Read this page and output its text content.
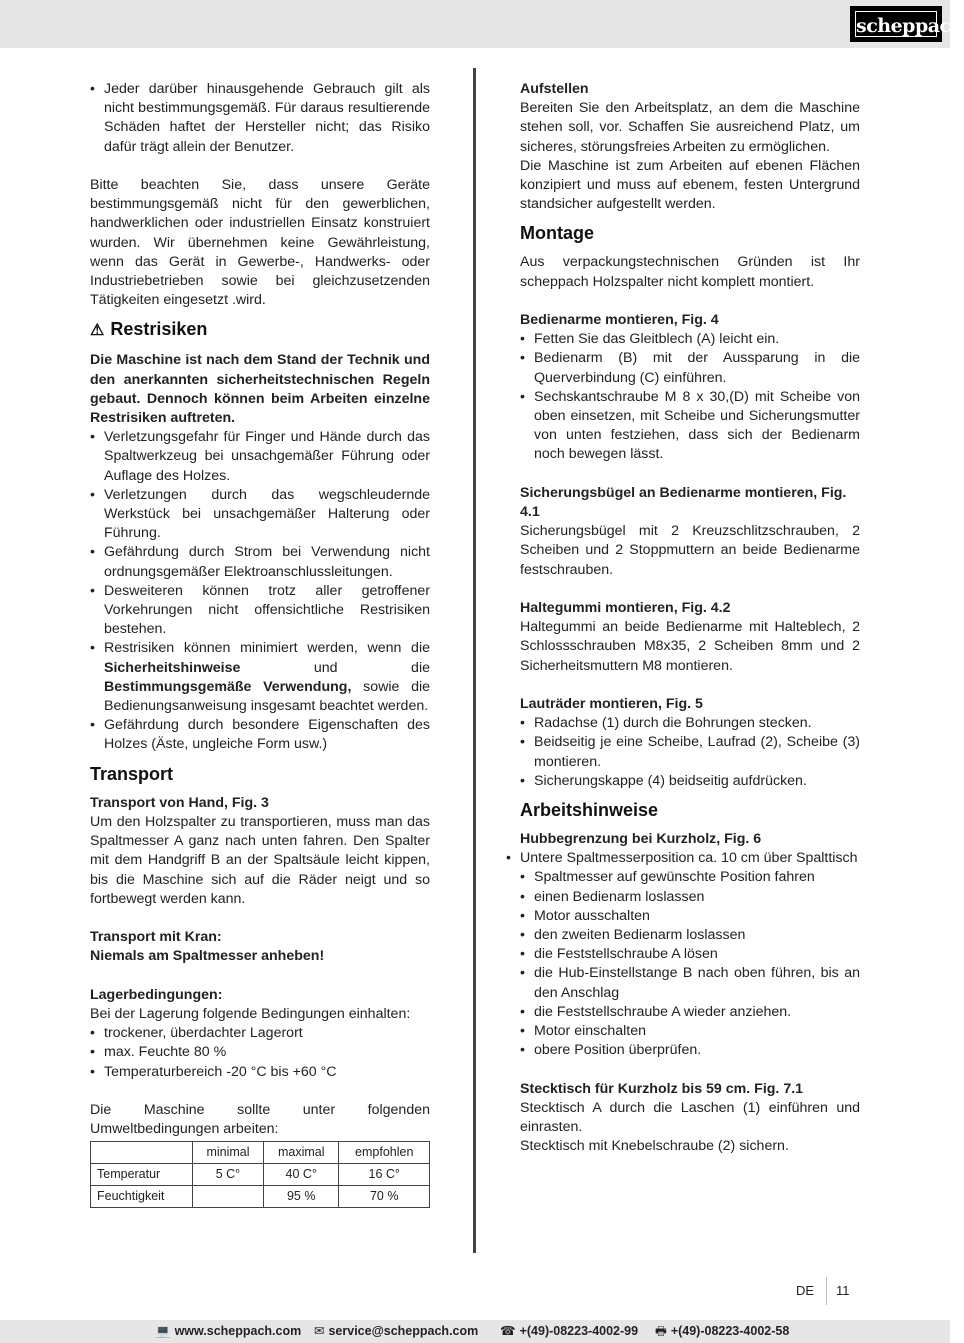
scheppach
• Jeder darüber hinausgehende Gebrauch gilt als nicht bestimmungsgemäß. Für daraus resultierende Schäden haftet der Hersteller nicht; das Risiko dafür trägt allein der Benutzer.

Bitte beachten Sie, dass unsere Geräte bestimmungsgemäß nicht für den gewerblichen, handwerklichen oder industriellen Einsatz konstruiert wurden. Wir übernehmen keine Gewährleistung, wenn das Gerät in Gewerbe-, Handwerks- oder Industriebetrieben sowie bei gleichzusetzenden Tätigkeiten eingesetzt .wird.

⚠ Restrisiken

Die Maschine ist nach dem Stand der Technik und den anerkannten sicherheitstechnischen Regeln gebaut. Dennoch können beim Arbeiten einzelne Restrisiken auftreten.

• Verletzungsgefahr für Finger und Hände durch das Spaltwerkzeug bei unsachgemäßer Führung oder Auflage des Holzes.
• Verletzungen durch das wegschleudernde Werkstück bei unsachgemäßer Halterung oder Führung.
• Gefährdung durch Strom bei Verwendung nicht ordnungsgemäßer Elektroanschlussleitungen.
• Desweiteren können trotz aller getroffener Vorkehrungen nicht offensichtliche Restrisiken bestehen.
• Restrisiken können minimiert werden, wenn die Sicherheitshinweise und die Bestimmungsgemäße Verwendung, sowie die Bedienungsanweisung insgesamt beachtet werden.
• Gefährdung durch besondere Eigenschaften des Holzes (Äste, ungleiche Form usw.)
Transport

Transport von Hand, Fig. 3

Um den Holzspalter zu transportieren, muss man das Spaltmesser A ganz nach unten fahren. Den Spalter mit dem Handgriff B an der Spaltsäule leicht kippen, bis die Maschine sich auf die Räder neigt und so fortbewegt werden kann.

Transport mit Kran:

Niemals am Spaltmesser anheben!

Lagerbedingungen:

Bei der Lagerung folgende Bedingungen einhalten:

• trockener, überdachter Lagerort
• max. Feuchte 80 %
• Temperaturbereich -20 °C bis +60 °C

Die Maschine sollte unter folgenden Umweltbedingungen arbeiten:

	minimal	maximal	empfohlen
Temperatur	5 C°	40 C°	16 C°
Feuchtigkeit		95 %	70 %

Aufstellen

Bereiten Sie den Arbeitsplatz, an dem die Maschine stehen soll, vor. Schaffen Sie ausreichend Platz, um sicheres, störungsfreies Arbeiten zu ermöglichen.

Die Maschine ist zum Arbeiten auf ebenen Flächen konzipiert und muss auf ebenem, festen Untergrund standsicher aufgestellt werden.

Montage

Aus verpackungstechnischen Gründen ist Ihr scheppach Holzspalter nicht komplett montiert.

Bedienarme montieren, Fig. 4

• Fetten Sie das Gleitblech (A) leicht ein.
• Bedienarm (B) mit der Aussparung in die Querverbindung (C) einführen.
• Sechskantschraube M 8 x 30,(D) mit Scheibe von oben einsetzen, mit Scheibe und Sicherungsmutter von unten festziehen, dass sich der Bedienarm noch bewegen lässt.

Sicherungsbügel an Bedienarme montieren, Fig. 4.1

Sicherungsbügel mit 2 Kreuzschlitzschrauben, 2 Scheiben und 2 Stoppmuttern an beide Bedienarme festschrauben.

Haltegummi montieren, Fig. 4.2

Haltegummi an beide Bedienarme mit Halteblech, 2 Schlossschrauben M8x35, 2 Scheiben 8mm und 2 Sicherheitsmuttern M8 montieren.

Lauträder montieren, Fig. 5

• Radachse (1) durch die Bohrungen stecken.
• Beidseitig je eine Scheibe, Laufrad (2), Scheibe (3) montieren.
• Sicherungskappe (4) beidseitig aufdrücken.
Arbeitshinweise

Hubbegrenzung bei Kurzholz, Fig. 6

• Untere Spaltmesserposition ca. 10 cm über Spalttisch
• Spaltmesser auf gewünschte Position fahren
• einen Bedienarm loslassen
• Motor ausschalten
• den zweiten Bedienarm loslassen
• die Feststellschraube A lösen
• die Hub-Einstellstange B nach oben führen, bis an den Anschlag
• die Feststellschraube A wieder anziehen.
• Motor einschalten
• obere Position überprüfen.

Stecktisch für Kurzholz bis 59 cm. Fig. 7.1

Stecktisch A durch die Laschen (1) einführen und einrasten.

Stecktisch mit Knebelschraube (2) sichern.

DE	11
💻 www.scheppach.com ✉ service@scheppach.com ☎ +(49)-08223-4002-99 🖶 +(49)-08223-4002-58
